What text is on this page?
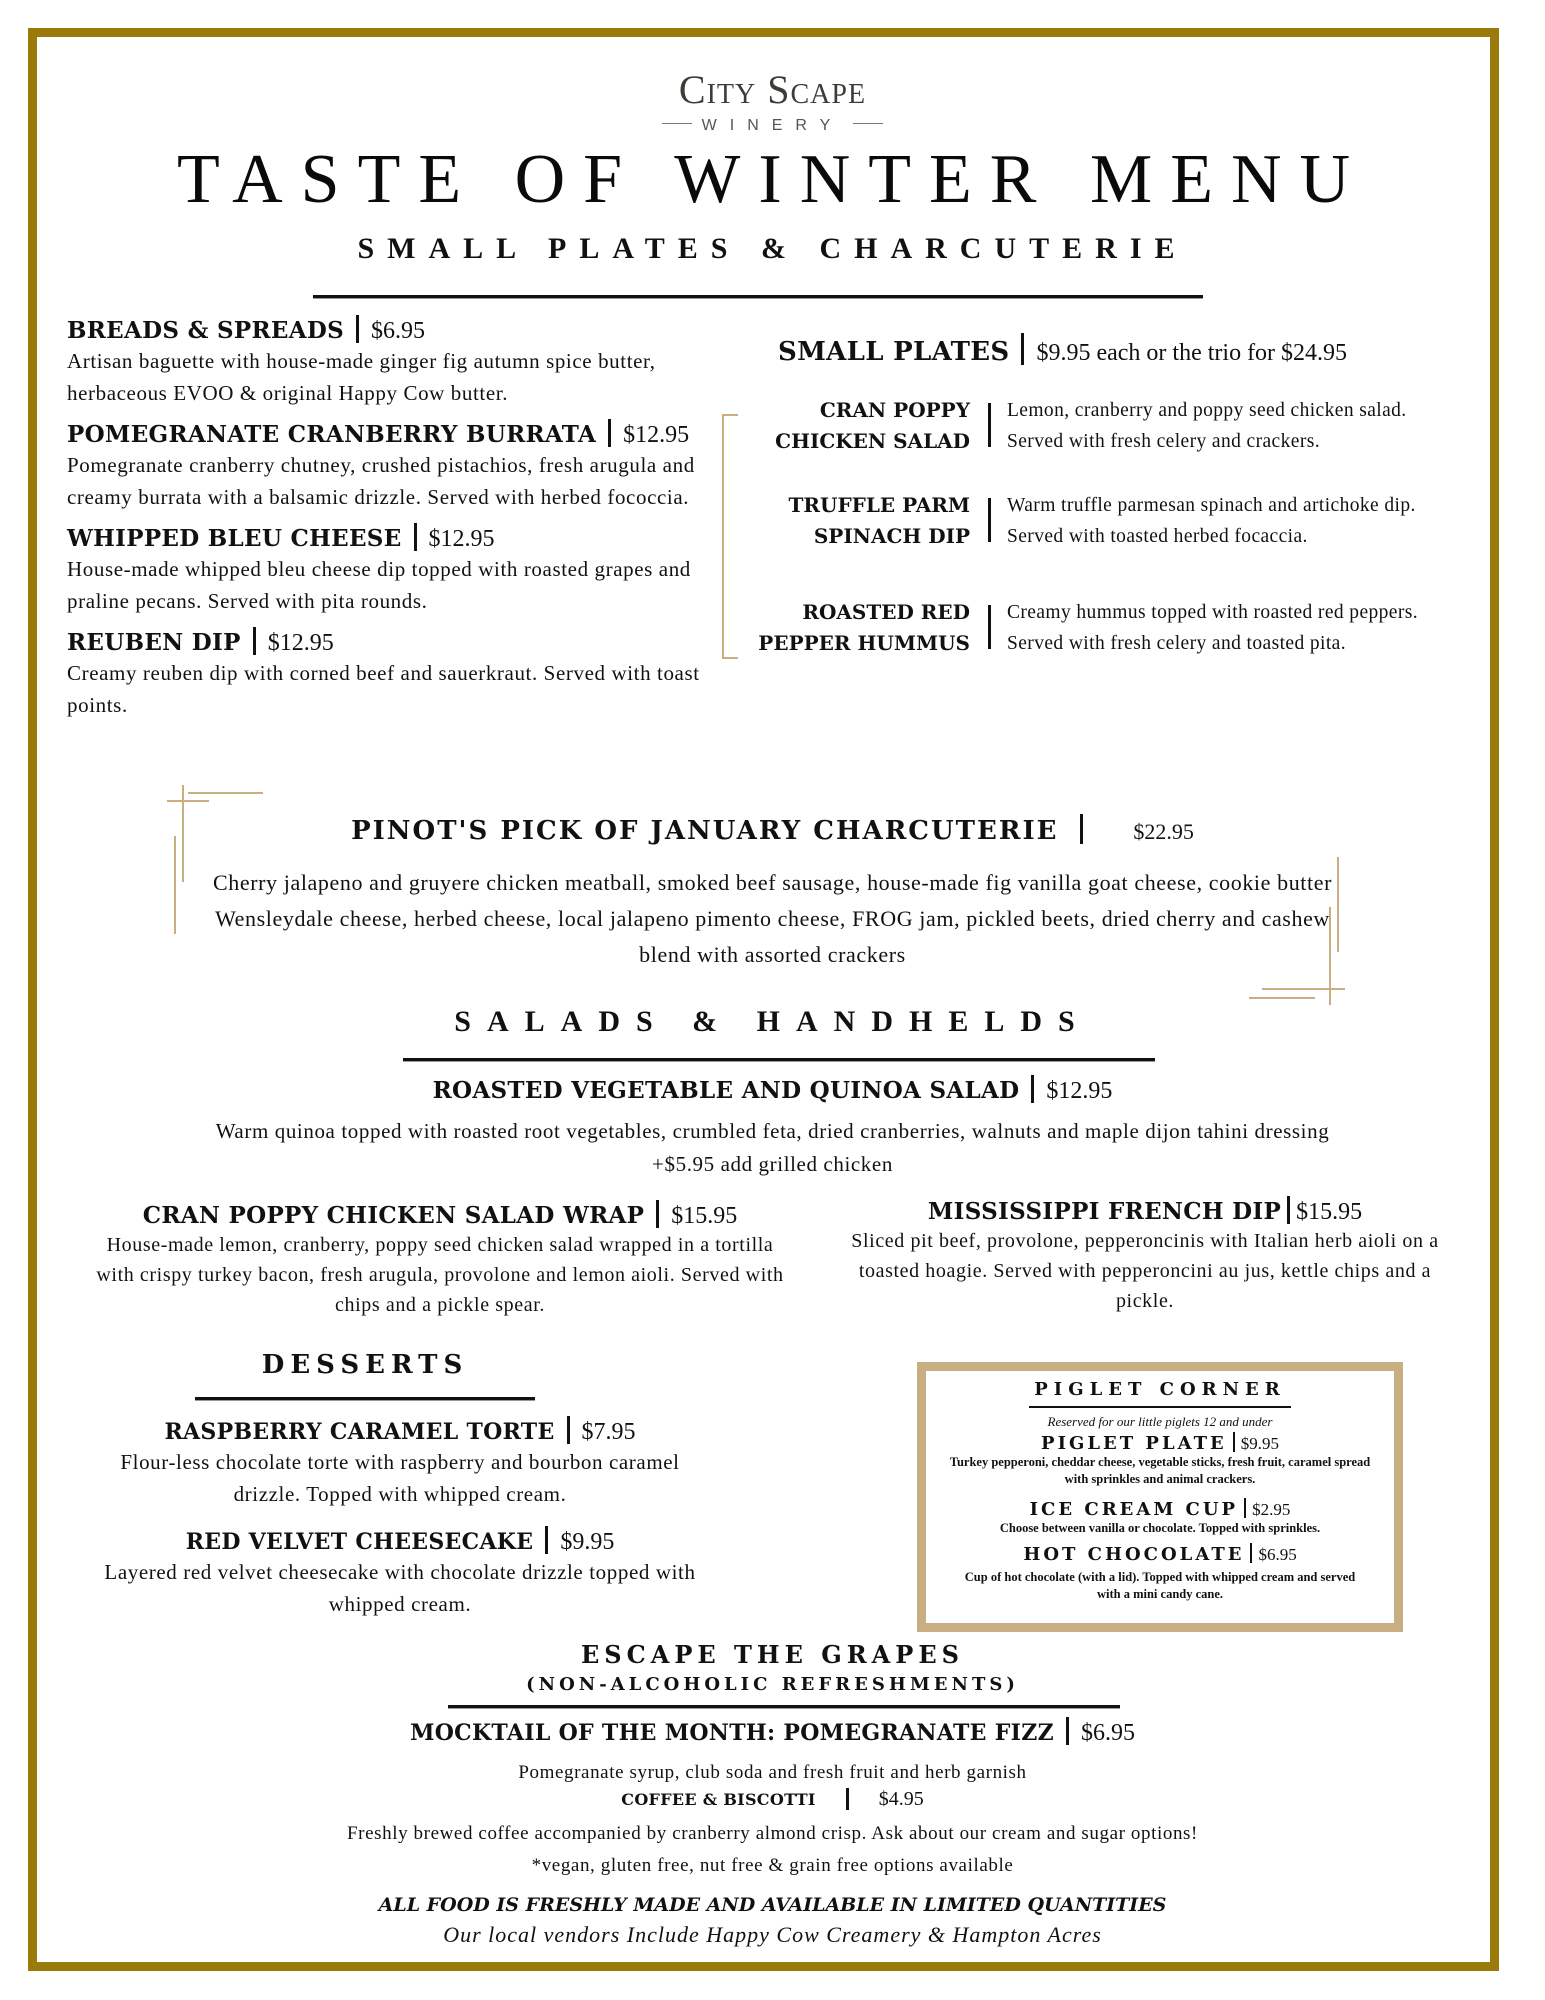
City Scape
WINERY
TASTE OF WINTER MENU
SMALL PLATES & CHARCUTERIE
BREADS & SPREADS $6.95
Artisan baguette with house-made ginger fig autumn spice butter, herbaceous EVOO & original Happy Cow butter.
POMEGRANATE CRANBERRY BURRATA $12.95
Pomegranate cranberry chutney, crushed pistachios, fresh arugula and creamy burrata with a balsamic drizzle. Served with herbed fococcia.
WHIPPED BLEU CHEESE $12.95
House-made whipped bleu cheese dip topped with roasted grapes and praline pecans. Served with pita rounds.
REUBEN DIP $12.95
Creamy reuben dip with corned beef and sauerkraut. Served with toast points.
SMALL PLATES $9.95 each or the trio for $24.95
CRAN POPPY
CHICKEN SALAD
Lemon, cranberry and poppy seed chicken salad. Served with fresh celery and crackers.
TRUFFLE PARM
SPINACH DIP
Warm truffle parmesan spinach and artichoke dip. Served with toasted herbed focaccia.
ROASTED RED
PEPPER HUMMUS
Creamy hummus topped with roasted red peppers. Served with fresh celery and toasted pita.
PINOT'S PICK OF JANUARY CHARCUTERIE	$22.95
Cherry jalapeno and gruyere chicken meatball, smoked beef sausage, house-made fig vanilla goat cheese, cookie butter Wensleydale cheese, herbed cheese, local jalapeno pimento cheese, FROG jam, pickled beets, dried cherry and cashew blend with assorted crackers
SALADS & HANDHELDS
ROASTED VEGETABLE AND QUINOA SALAD $12.95
Warm quinoa topped with roasted root vegetables, crumbled feta, dried cranberries, walnuts and maple dijon tahini dressing
+$5.95 add grilled chicken
CRAN POPPY CHICKEN SALAD WRAP $15.95
House-made lemon, cranberry, poppy seed chicken salad wrapped in a tortilla with crispy turkey bacon, fresh arugula, provolone and lemon aioli. Served with chips and a pickle spear.
MISSISSIPPI FRENCH DIP $15.95
Sliced pit beef, provolone, pepperoncinis with Italian herb aioli on a toasted hoagie. Served with pepperoncini au jus, kettle chips and a pickle.
DESSERTS
RASPBERRY CARAMEL TORTE $7.95
Flour-less chocolate torte with raspberry and bourbon caramel drizzle. Topped with whipped cream.
RED VELVET CHEESECAKE $9.95
Layered red velvet cheesecake with chocolate drizzle topped with whipped cream.
PIGLET CORNER
Reserved for our little piglets 12 and under
PIGLET PLATE $9.95
Turkey pepperoni, cheddar cheese, vegetable sticks, fresh fruit, caramel spread with sprinkles and animal crackers.
ICE CREAM CUP $2.95
Choose between vanilla or chocolate. Topped with sprinkles.
HOT CHOCOLATE $6.95
Cup of hot chocolate (with a lid). Topped with whipped cream and served with a mini candy cane.
ESCAPE THE GRAPES
(NON-ALCOHOLIC REFRESHMENTS)
MOCKTAIL OF THE MONTH: POMEGRANATE FIZZ $6.95
Pomegranate syrup, club soda and fresh fruit and herb garnish
COFFEE & BISCOTTI	$4.95
Freshly brewed coffee accompanied by cranberry almond crisp. Ask about our cream and sugar options!
*vegan, gluten free, nut free & grain free options available
ALL FOOD IS FRESHLY MADE AND AVAILABLE IN LIMITED QUANTITIES
Our local vendors Include Happy Cow Creamery & Hampton Acres
